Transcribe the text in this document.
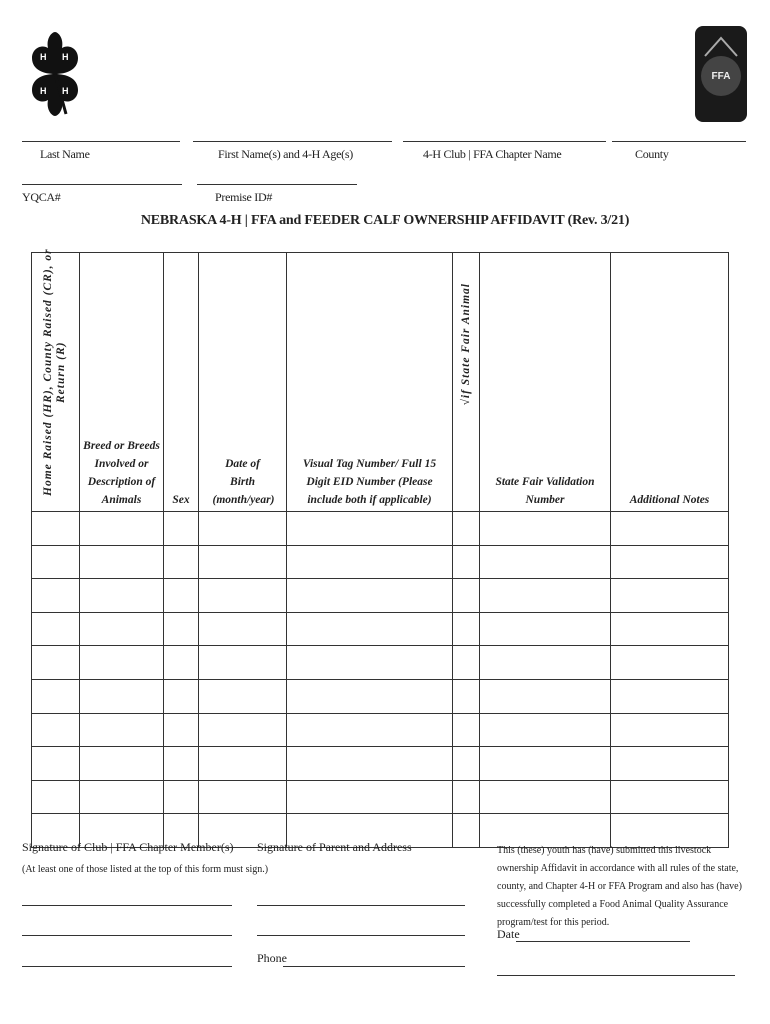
H H
H H
FFA
Last Name	First Name(s) and 4-H Age(s)	4-H Club | FFA Chapter Name	County
YQCA#	Premise ID#
NEBRASKA 4-H | FFA and FEEDER CALF OWNERSHIP AFFIDAVIT (Rev. 3/21)
Home Raised (HR), County Raised (CR), or Return (R)	Breed or Breeds Involved or Description of Animals	Sex	Date of Birth (month/year)	Visual Tag Number/ Full 15 Digit EID Number (Please include both if applicable)	√if State Fair Animal	State Fair Validation Number	Additional Notes

Signature of Club | FFA Chapter Member(s)
(At least one of those listed at the top of this form must sign.)
Signature of Parent and Address
Phone
This (these) youth has (have) submitted this livestock ownership Affidavit in accordance with all rules of the state, county, and Chapter 4-H or FFA Program and also has (have) successfully completed a Food Animal Quality Assurance program/test for this period.
Date
